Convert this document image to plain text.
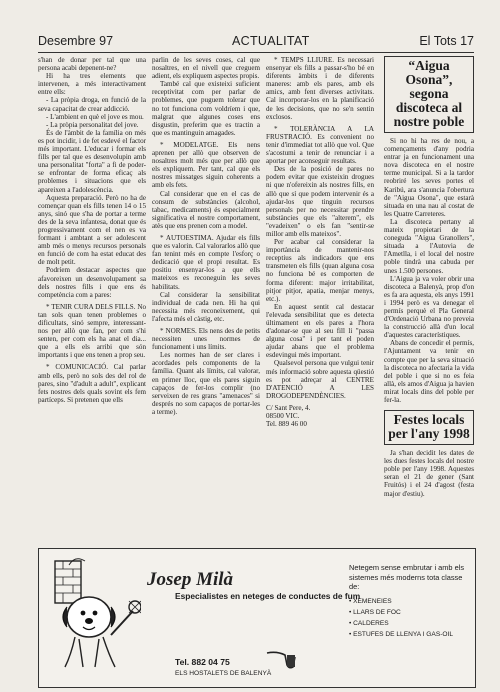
Desembre 97	ACTUALITAT	El Tots 17

s'han de donar per tal que una persona acabi depenent-ne?

Hi ha tres elements que intervenen, a més interactivament entre ells:

- La pròpia droga, en funció de la seva capacitat de crear addicció.

- L'ambient en què el jove es mou.

- La pròpia personalitat del jove.

És de l'àmbit de la família on més es pot incidir, i de fet esdevé el factor més important. L'educar i formar els fills per tal que es desenvolupin amb una personalitat "forta" a fi de poder-se enfrontar de forma eficaç als problemes i situacions que els apareixen a l'adolescència.

Aquesta preparació. Però no ha de començar quan els fills tenen 14 o 15 anys, sinó que s'ha de portar a terme des de la seva infantesa, donat que és progressivament com el nen es va formant i ambtant a ser adolescent amb més o menys recursos personals en funció de com ha estat educat des de molt petit.

Podríem destacar aspectes que afavoreixen un desenvolupament sa dels nostres fills i que ens és competència com a pares:

* TENIR CURA DELS FILLS. No tan sols quan tenen problemes o dificultats, sinó sempre, interessant-nos per allò que fan, per com s'hi senten, per com els ha anat el dia... que a ells els arribi que són importants i que ens tenen a prop seu.

* COMUNICACIÓ. Cal parlar amb ells, però no sols des del rol de pares, sino "d'adult a adult", explicant fets nostres dels quals sovint els fem partíceps. Si pretenen que ells

parlin de les seves coses, cal que nosaltres, en el nivell que creguem adient, els expliquem aspectes propis.

També cal que existeixi suficient receptivitat com per parlar de problemes, que puguem tolerar que no tot funciona com voldríem i que, malgrat que algunes coses ens disgustin, preferim que es tractin a que es mantinguin amagades.

* MODELATGE. Els nens aprenen per allò que observen de nosaltres molt més que per allò que els expliquem. Per tant, cal que els nostres missatges siguin coherents a amb els fets.

Cal considerar que en el cas de consum de substàncies (alcohol, tabac, medicaments) és especialment significativa el nostre comportament, atès que ens prenen com a model.

* AUTOESTIMA. Ajudar els fills que es valorin. Cal valorarlos allò que fan tenint més en compte l'esforç o dedicació que el propi resultat. Es positiu ensenyar-los a que ells mateixos es reconeguin les seves habilitats.

Cal considerar la sensibilitat individual de cada nen. Hi ha qui necessita més reconeixement, qui l'afecta més el càstig, etc.

* NORMES. Els nens des de petits necessiten unes normes de funcionament i uns límits.

Les normes han de ser clares i acordades pels components de la família. Quant als límits, cal valorar, en primer lloc, que els pares siguin capaços de fer-los complir (no serveixen de res grans "amenaces" si després no som capaços de portar-les a terme).

* TEMPS LLIURE. Es necessari ensenyar els fills a passar-s'ho bé en diferents àmbits i de diferents maneres: amb els pares, amb els amics, amb fent diverses activitats. Cal incorporar-los en la planificació de les decisions, que no se'n sentin exclosos.

* TOLERÀNCIA A LA FRUSTRACIÓ. Es convenient no tenir d'immediat tot allò que vol. Que s'acostumi a tenir de renunciar i a aportar per aconseguir resultats.

Des de la posició de pares no podem evitar que existeixin drogues ni que n'ofereixin als nostres fills, en allò que sí que podem intervenir és a ajudar-los que tinguin recursos personals per no necessitar prendre substàncies que els "alterem", els "evadeixen" o els fan "sentir-se millor amb ells mateixos".

Per acabar cal considerar la importància de mantenir-nos receptius als indicadors que ens transmeten els fills (quan alguna cosa no funciona bé es comporten de forma diferent: major irritabilitat, pitjor pitjor, apatia, menjar menys, etc.).

En aquest sentit cal destacar l'elevada sensibilitat que es detecta últimament en els pares a l'hora d'adonar-se que al seu fill li "passa alguna cosa" i per tant el poden ajudar abans que el problema esdevingui més important.

Qualsevol persona que vulgui tenir més informació sobre aquesta qüestió es pot adreçar al CENTRE D'ATENCIÓ A LES DROGODEPENDÈNCIES.

C/ Sant Pere, 4.

08500 VIC.

Tel. 889 46 00

“Aigua Osona”, segona discoteca al nostre poble

Si no hi ha res de nou, a començaments d'any podria entrar ja en funcionament una nova discoteca en el nostre terme municipal. Si a la tardor reobriré les seves portes el Karibú, ara s'anuncia l'obertura de "Aigua Osona", que estarà situada en una nau al costat de les Quatre Carreteres.

La discoteca pertany al mateix propietari de la coneguda "Aigua Granollers", situada a l'Autovia de l'Ametlla, i el local del nostre poble tindrà una cabuda per unes 1.500 persones.

L'Aigua ja va voler obrir una discoteca a Balenyà, prop d'on es fa ara aquesta, els anys 1991 i 1994 però es va denegar el permís perquè el Pla General d'Ordenació Urbana no preveia la construcció allà d'un local d'aquestes característiques.

Abans de concedir el permís, l'Ajuntament va tenir en compte que per la seva situació la discoteca no afectaria la vida del poble i que si no es feia allà, els amos d'Aigua ja havien mirat locals dins del poble per fer-la.

Festes locals per l'any 1998

Ja s'han decidit les dates de les dues festes locals del nostre poble per l'any 1998. Aquestes seran el 21 de gener (Sant Fruitós) i el 24 d'agost (festa major d'estiu).

Josep Milà
Especialistes en neteges de conductes de fum
Tel. 882 04 75
ELS HOSTALETS DE BALENYÀ
Netegem sense embrutar i amb els sistemes més moderns tota classe de:
• XEMENEIES
• LLARS DE FOC
• CALDERES
• ESTUFES DE LLENYA I GAS-OIL
